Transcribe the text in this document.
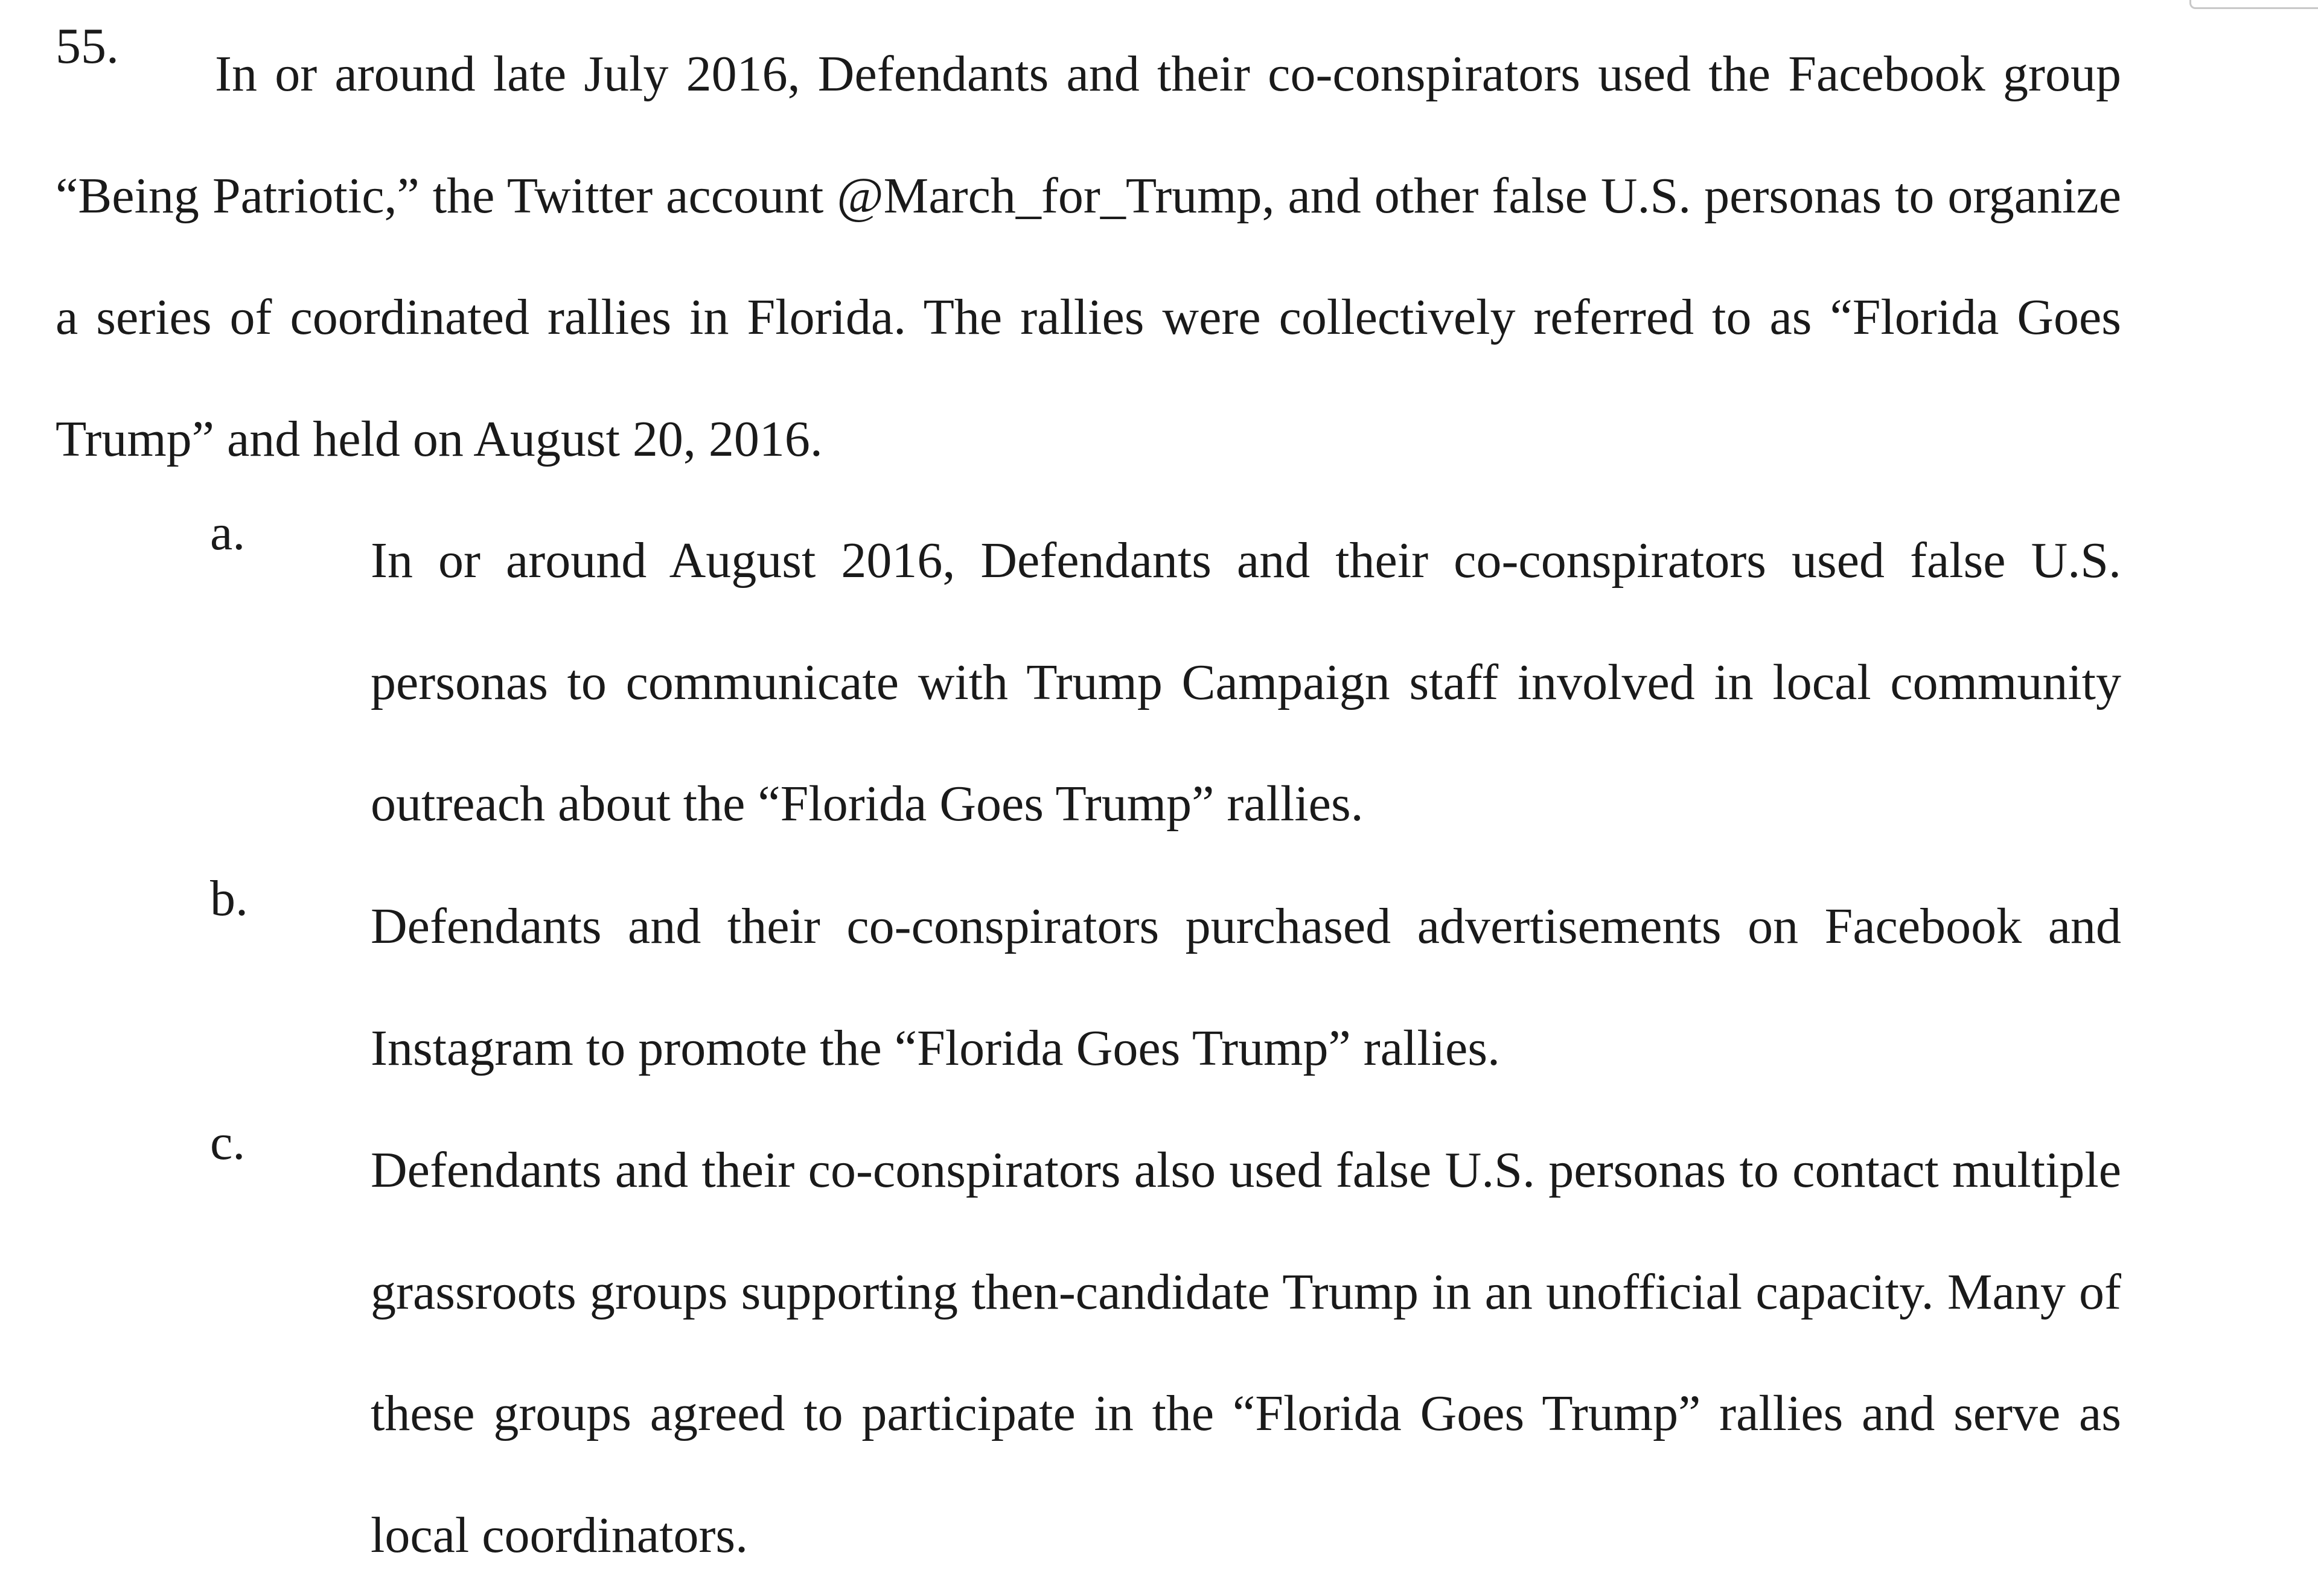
55.	In or around late July 2016, Defendants and their co-conspirators used the Facebook group “Being Patriotic,” the Twitter account @March_for_Trump, and other false U.S. personas to organize a series of coordinated rallies in Florida. The rallies were collectively referred to as “Florida Goes Trump” and held on August 20, 2016.
a. In or around August 2016, Defendants and their co-conspirators used false U.S. personas to communicate with Trump Campaign staff involved in local community outreach about the “Florida Goes Trump” rallies.
b. Defendants and their co-conspirators purchased advertisements on Facebook and Instagram to promote the “Florida Goes Trump” rallies.
c. Defendants and their co-conspirators also used false U.S. personas to contact multiple grassroots groups supporting then-candidate Trump in an unofficial capacity. Many of these groups agreed to participate in the “Florida Goes Trump” rallies and serve as local coordinators.
